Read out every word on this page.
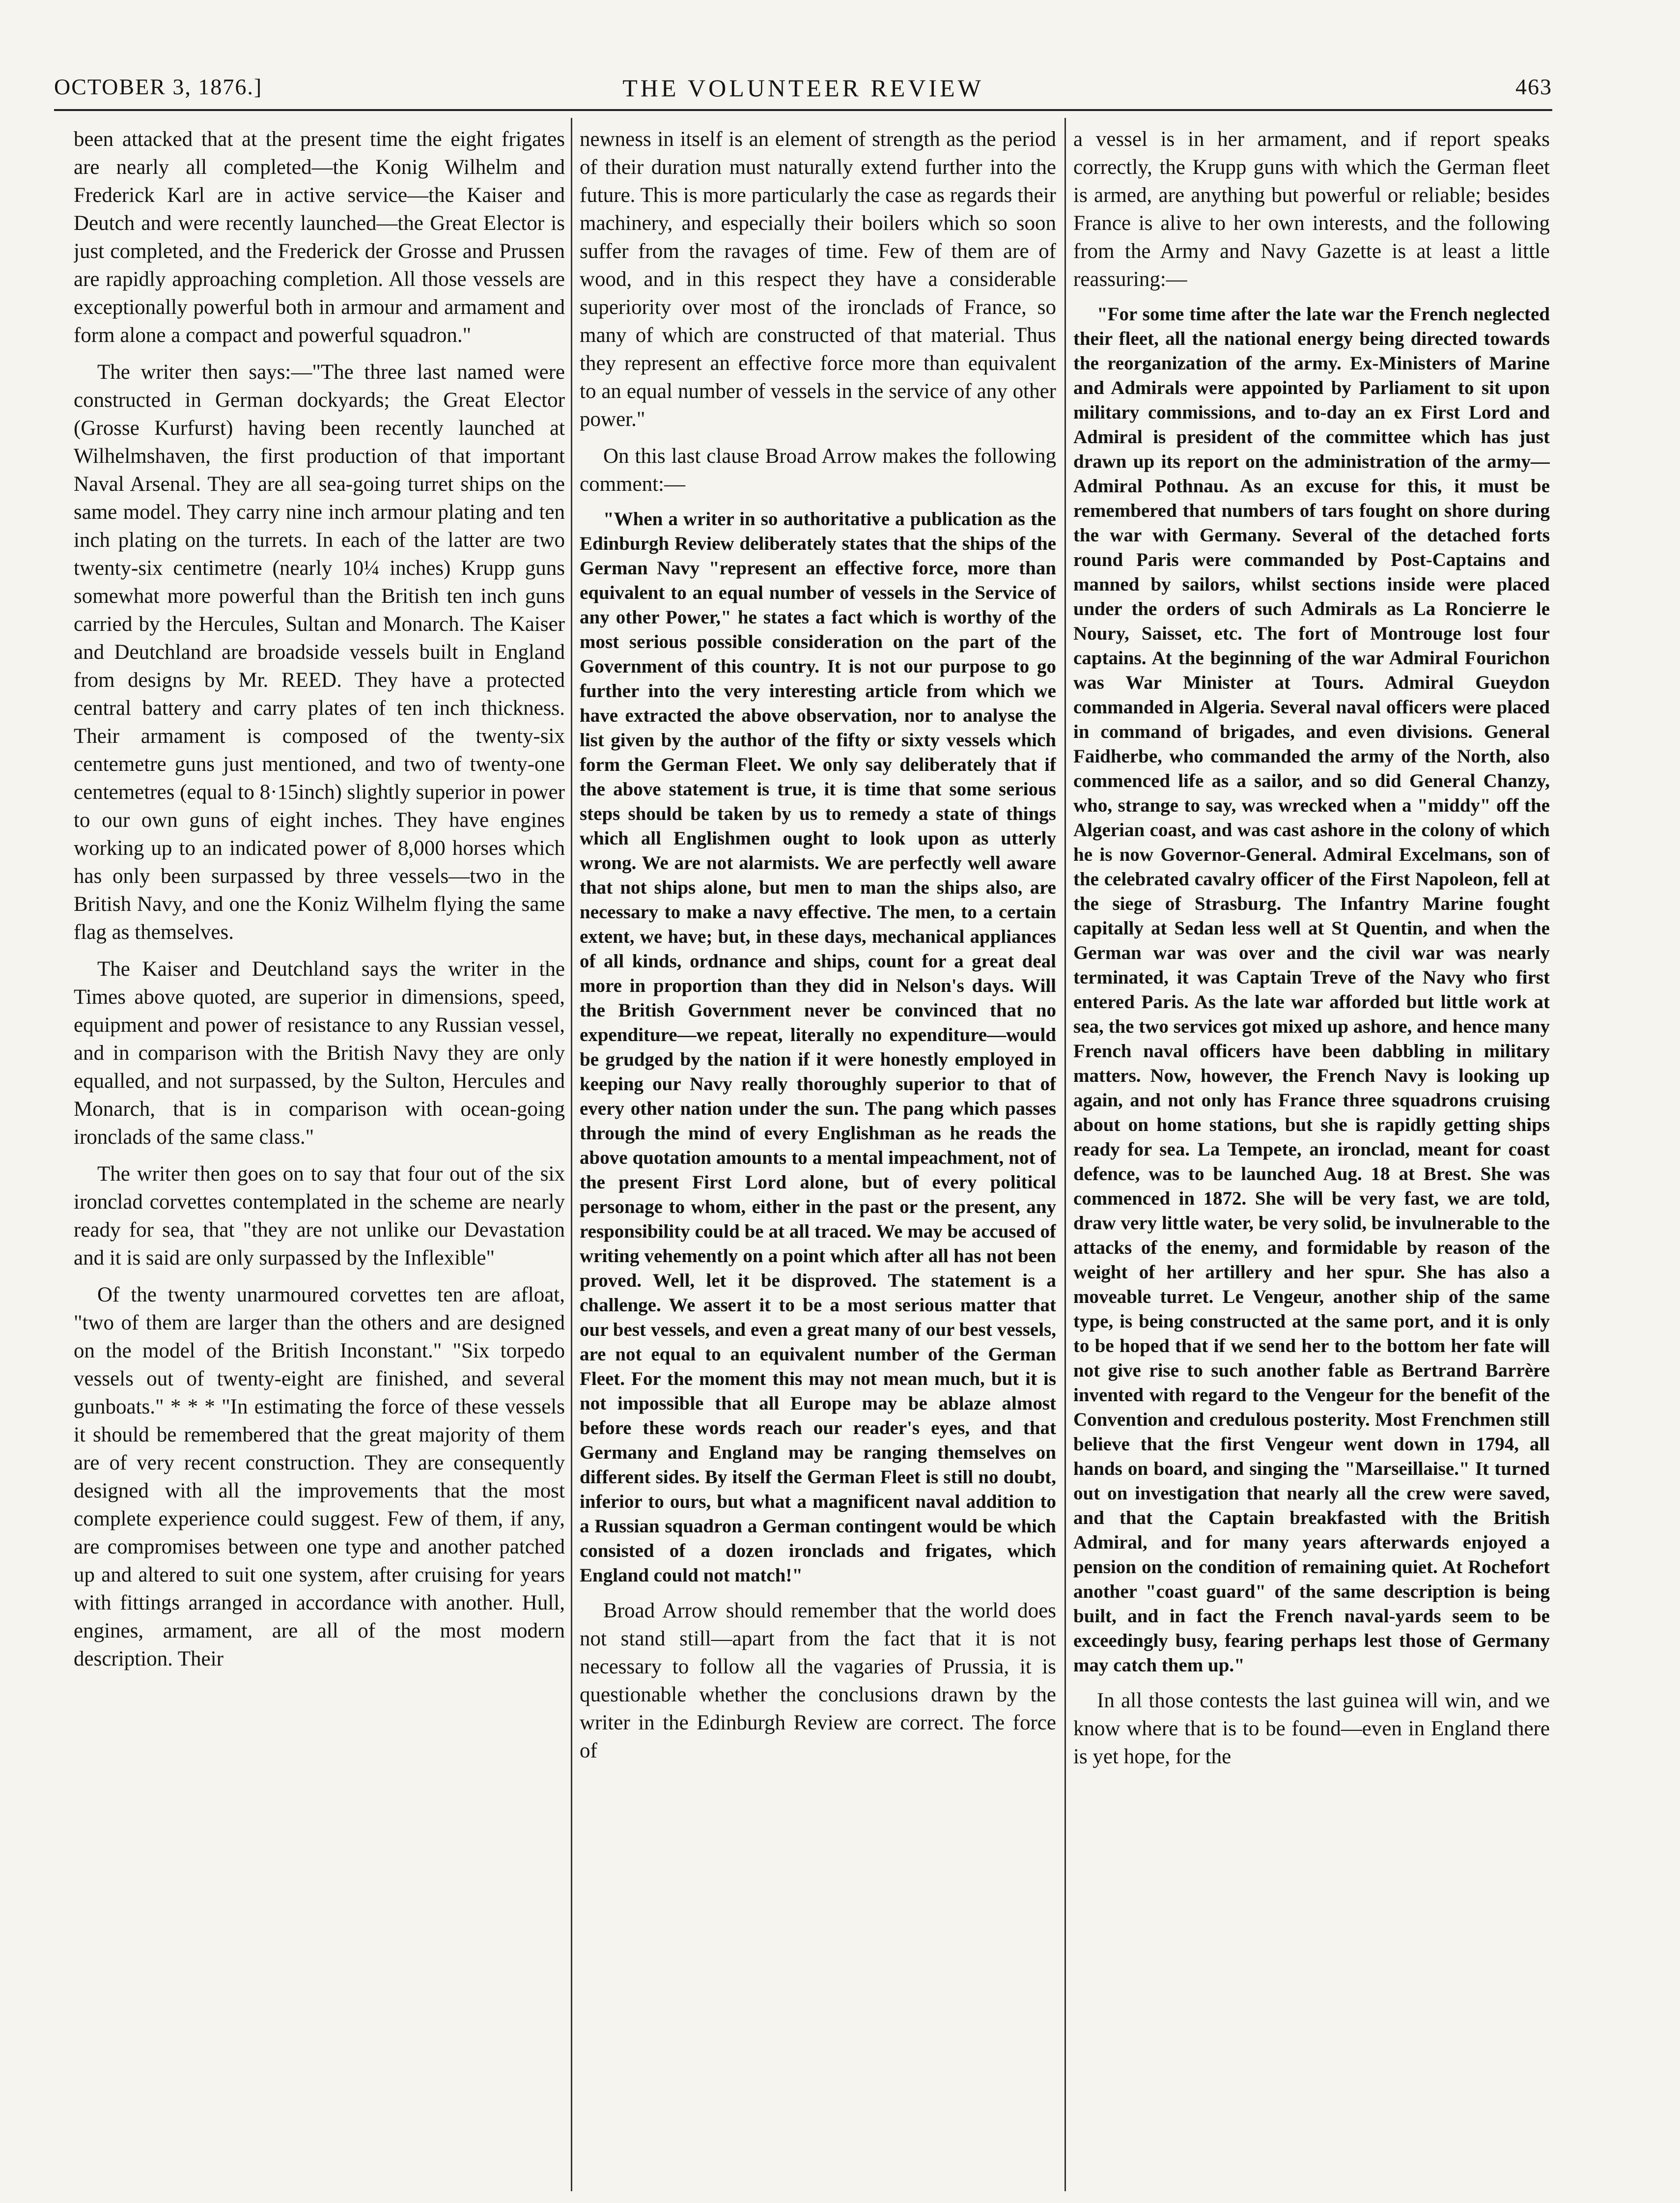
OCTOBER 3, 1876.]	THE VOLUNTEER REVIEW	463

been attacked that at the present time the eight frigates are nearly all completed—the Konig Wilhelm and Frederick Karl are in active service—the Kaiser and Deutch and were recently launched—the Great Elector is just completed, and the Frederick der Grosse and Prussen are rapidly approaching completion. All those vessels are exceptionally powerful both in armour and armament and form alone a compact and powerful squadron."

The writer then says:—"The three last named were constructed in German dockyards; the Great Elector (Grosse Kurfurst) having been recently launched at Wilhelmshaven, the first production of that important Naval Arsenal. They are all sea-going turret ships on the same model. They carry nine inch armour plating and ten inch plating on the turrets. In each of the latter are two twenty-six centimetre (nearly 10¼ inches) Krupp guns somewhat more powerful than the British ten inch guns carried by the Hercules, Sultan and Monarch. The Kaiser and Deutchland are broadside vessels built in England from designs by Mr. REED. They have a protected central battery and carry plates of ten inch thickness. Their armament is composed of the twenty-six centemetre guns just mentioned, and two of twenty-one centemetres (equal to 8·15inch) slightly superior in power to our own guns of eight inches. They have engines working up to an indicated power of 8,000 horses which has only been surpassed by three vessels—two in the British Navy, and one the Koniz Wilhelm flying the same flag as themselves.

The Kaiser and Deutchland says the writer in the Times above quoted, are superior in dimensions, speed, equipment and power of resistance to any Russian vessel, and in comparison with the British Navy they are only equalled, and not surpassed, by the Sulton, Hercules and Monarch, that is in comparison with ocean-going ironclads of the same class."

The writer then goes on to say that four out of the six ironclad corvettes contemplated in the scheme are nearly ready for sea, that "they are not unlike our Devastation and it is said are only surpassed by the Inflexible"

Of the twenty unarmoured corvettes ten are afloat, "two of them are larger than the others and are designed on the model of the British Inconstant." "Six torpedo vessels out of twenty-eight are finished, and several gunboats." * * * "In estimating the force of these vessels it should be remembered that the great majority of them are of very recent construction. They are consequently designed with all the improvements that the most complete experience could suggest. Few of them, if any, are compromises between one type and another patched up and altered to suit one system, after cruising for years with fittings arranged in accordance with another. Hull, engines, armament, are all of the most modern description. Their

newness in itself is an element of strength as the period of their duration must naturally extend further into the future. This is more particularly the case as regards their machinery, and especially their boilers which so soon suffer from the ravages of time. Few of them are of wood, and in this respect they have a considerable superiority over most of the ironclads of France, so many of which are constructed of that material. Thus they represent an effective force more than equivalent to an equal number of vessels in the service of any other power."

On this last clause Broad Arrow makes the following comment:—

"When a writer in so authoritative a publication as the Edinburgh Review deliberately states that the ships of the German Navy "represent an effective force, more than equivalent to an equal number of vessels in the Service of any other Power," he states a fact which is worthy of the most serious possible consideration on the part of the Government of this country. It is not our purpose to go further into the very interesting article from which we have extracted the above observation, nor to analyse the list given by the author of the fifty or sixty vessels which form the German Fleet. We only say deliberately that if the above statement is true, it is time that some serious steps should be taken by us to remedy a state of things which all Englishmen ought to look upon as utterly wrong. We are not alarmists. We are perfectly well aware that not ships alone, but men to man the ships also, are necessary to make a navy effective. The men, to a certain extent, we have; but, in these days, mechanical appliances of all kinds, ordnance and ships, count for a great deal more in proportion than they did in Nelson's days. Will the British Government never be convinced that no expenditure—we repeat, literally no expenditure—would be grudged by the nation if it were honestly employed in keeping our Navy really thoroughly superior to that of every other nation under the sun. The pang which passes through the mind of every Englishman as he reads the above quotation amounts to a mental impeachment, not of the present First Lord alone, but of every political personage to whom, either in the past or the present, any responsibility could be at all traced. We may be accused of writing vehemently on a point which after all has not been proved. Well, let it be disproved. The statement is a challenge. We assert it to be a most serious matter that our best vessels, and even a great many of our best vessels, are not equal to an equivalent number of the German Fleet. For the moment this may not mean much, but it is not impossible that all Europe may be ablaze almost before these words reach our reader's eyes, and that Germany and England may be ranging themselves on different sides. By itself the German Fleet is still no doubt, inferior to ours, but what a magnificent naval addition to a Russian squadron a German contingent would be which consisted of a dozen ironclads and frigates, which England could not match!"

Broad Arrow should remember that the world does not stand still—apart from the fact that it is not necessary to follow all the vagaries of Prussia, it is questionable whether the conclusions drawn by the writer in the Edinburgh Review are correct. The force of

a vessel is in her armament, and if report speaks correctly, the Krupp guns with which the German fleet is armed, are anything but powerful or reliable; besides France is alive to her own interests, and the following from the Army and Navy Gazette is at least a little reassuring:—

"For some time after the late war the French neglected their fleet, all the national energy being directed towards the reorganization of the army. Ex-Ministers of Marine and Admirals were appointed by Parliament to sit upon military commissions, and to-day an ex First Lord and Admiral is president of the committee which has just drawn up its report on the administration of the army—Admiral Pothnau. As an excuse for this, it must be remembered that numbers of tars fought on shore during the war with Germany. Several of the detached forts round Paris were commanded by Post-Captains and manned by sailors, whilst sections inside were placed under the orders of such Admirals as La Roncierre le Noury, Saisset, etc. The fort of Montrouge lost four captains. At the beginning of the war Admiral Fourichon was War Minister at Tours. Admiral Gueydon commanded in Algeria. Several naval officers were placed in command of brigades, and even divisions. General Faidherbe, who commanded the army of the North, also commenced life as a sailor, and so did General Chanzy, who, strange to say, was wrecked when a "middy" off the Algerian coast, and was cast ashore in the colony of which he is now Governor-General. Admiral Excelmans, son of the celebrated cavalry officer of the First Napoleon, fell at the siege of Strasburg. The Infantry Marine fought capitally at Sedan less well at St Quentin, and when the German war was over and the civil war was nearly terminated, it was Captain Treve of the Navy who first entered Paris. As the late war afforded but little work at sea, the two services got mixed up ashore, and hence many French naval officers have been dabbling in military matters. Now, however, the French Navy is looking up again, and not only has France three squadrons cruising about on home stations, but she is rapidly getting ships ready for sea. La Tempete, an ironclad, meant for coast defence, was to be launched Aug. 18 at Brest. She was commenced in 1872. She will be very fast, we are told, draw very little water, be very solid, be invulnerable to the attacks of the enemy, and formidable by reason of the weight of her artillery and her spur. She has also a moveable turret. Le Vengeur, another ship of the same type, is being constructed at the same port, and it is only to be hoped that if we send her to the bottom her fate will not give rise to such another fable as Bertrand Barrère invented with regard to the Vengeur for the benefit of the Convention and credulous posterity. Most Frenchmen still believe that the first Vengeur went down in 1794, all hands on board, and singing the "Marseillaise." It turned out on investigation that nearly all the crew were saved, and that the Captain breakfasted with the British Admiral, and for many years afterwards enjoyed a pension on the condition of remaining quiet. At Rochefort another "coast guard" of the same description is being built, and in fact the French naval-yards seem to be exceedingly busy, fearing perhaps lest those of Germany may catch them up."

In all those contests the last guinea will win, and we know where that is to be found—even in England there is yet hope, for the
